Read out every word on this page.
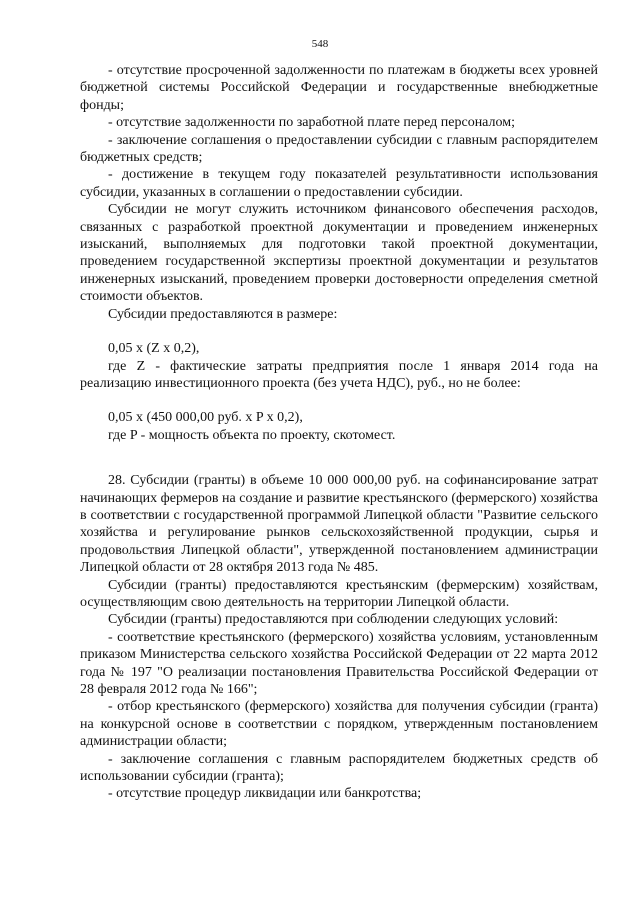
548

- отсутствие просроченной задолженности по платежам в бюджеты всех уровней бюджетной системы Российской Федерации и государственные внебюджетные фонды;

- отсутствие задолженности по заработной плате перед персоналом;

- заключение соглашения о предоставлении субсидии с главным распорядителем бюджетных средств;

- достижение в текущем году показателей результативности использования субсидии, указанных в соглашении о предоставлении субсидии.

Субсидии не могут служить источником финансового обеспечения расходов, связанных с разработкой проектной документации и проведением инженерных изысканий, выполняемых для подготовки такой проектной документации, проведением государственной экспертизы проектной документации и результатов инженерных изысканий, проведением проверки достоверности определения сметной стоимости объектов.

Субсидии предоставляются в размере:

0,05 х (Z х 0,2),

где Z - фактические затраты предприятия после 1 января 2014 года на реализацию инвестиционного проекта (без учета НДС), руб., но не более:

0,05 х (450 000,00 руб. х P х 0,2),

где P - мощность объекта по проекту, скотомест.

28. Субсидии (гранты) в объеме 10 000 000,00 руб. на софинансирование затрат начинающих фермеров на создание и развитие крестьянского (фермерского) хозяйства в соответствии с государственной программой Липецкой области "Развитие сельского хозяйства и регулирование рынков сельскохозяйственной продукции, сырья и продовольствия Липецкой области", утвержденной постановлением администрации Липецкой области от 28 октября 2013 года № 485.

Субсидии (гранты) предоставляются крестьянским (фермерским) хозяйствам, осуществляющим свою деятельность на территории Липецкой области.

Субсидии (гранты) предоставляются при соблюдении следующих условий:

- соответствие крестьянского (фермерского) хозяйства условиям, установленным приказом Министерства сельского хозяйства Российской Федерации от 22 марта 2012 года № 197 "О реализации постановления Правительства Российской Федерации от 28 февраля 2012 года № 166";

- отбор крестьянского (фермерского) хозяйства для получения субсидии (гранта) на конкурсной основе в соответствии с порядком, утвержденным постановлением администрации области;

- заключение соглашения с главным распорядителем бюджетных средств об использовании субсидии (гранта);

- отсутствие процедур ликвидации или банкротства;
